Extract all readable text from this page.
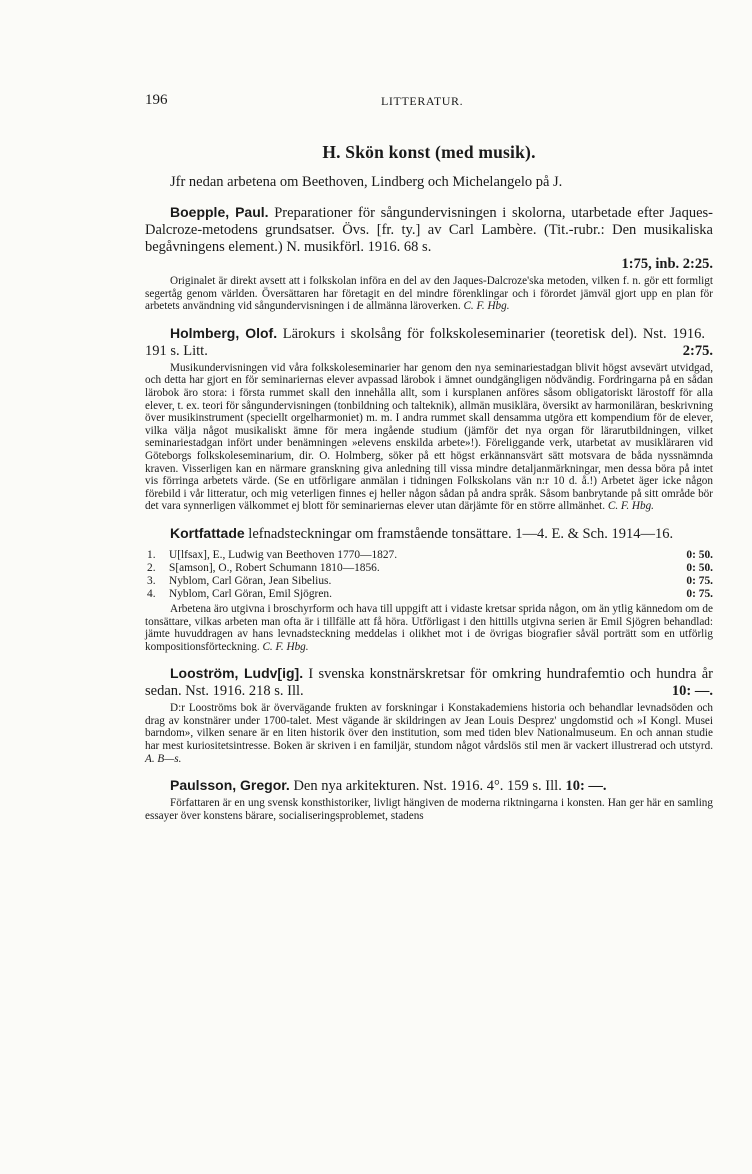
196	LITTERATUR.
H. Skön konst (med musik).

Jfr nedan arbetena om Beethoven, Lindberg och Michelangelo på J.

Boepple, Paul. Preparationer för sångundervisningen i skolorna, utarbetade efter Jaques-Dalcroze-metodens grundsatser. Övs. [fr. ty.] av Carl Lambère. (Tit.-rubr.: Den musikaliska begåvningens element.) N. musikförl. 1916. 68 s.

1:75, inb. 2:25.

Originalet är direkt avsett att i folkskolan införa en del av den Jaques-Dalcroze'ska metoden, vilken f. n. gör ett formligt segertåg genom världen. Översättaren har företagit en del mindre förenklingar och i förordet jämväl gjort upp en plan för arbetets användning vid sångundervisningen i de allmänna läroverken. C. F. Hbg.

Holmberg, Olof. Lärokurs i skolsång för folkskoleseminarier (teoretisk del). Nst. 1916. 191 s. Litt.	2:75.

Musikundervisningen vid våra folkskoleseminarier har genom den nya seminariestadgan blivit högst avsevärt utvidgad, och detta har gjort en för seminariernas elever avpassad lärobok i ämnet oundgängligen nödvändig. Fordringarna på en sådan lärobok äro stora: i första rummet skall den innehålla allt, som i kursplanen anföres såsom obligatoriskt lärostoff för alla elever, t. ex. teori för sångundervisningen (tonbildning och talteknik), allmän musiklära, översikt av harmoniläran, beskrivning över musikinstrument (speciellt orgelharmoniet) m. m. I andra rummet skall densamma utgöra ett kompendium för de elever, vilka välja något musikaliskt ämne för mera ingående studium (jämför det nya organ för lärarutbildningen, vilket seminariestadgan infört under benämningen »elevens enskilda arbete»!). Föreliggande verk, utarbetat av musikläraren vid Göteborgs folkskoleseminarium, dir. O. Holmberg, söker på ett högst erkännansvärt sätt motsvara de båda nyssnämnda kraven. Visserligen kan en närmare granskning giva anledning till vissa mindre detaljanmärkningar, men dessa böra på intet vis förringa arbetets värde. (Se en utförligare anmälan i tidningen Folkskolans vän n:r 10 d. å.!) Arbetet äger icke någon förebild i vår litteratur, och mig veterligen finnes ej heller någon sådan på andra språk. Såsom banbrytande på sitt område bör det vara synnerligen välkommet ej blott för seminariernas elever utan därjämte för en större allmänhet. C. F. Hbg.

Kortfattade lefnadsteckningar om framstående tonsättare. 1—4. E. & Sch. 1914—16.

1. U[lfsax], E., Ludwig van Beethoven 1770—1827.	0: 50.
2. S[amson], O., Robert Schumann 1810—1856.	0: 50.
3. Nyblom, Carl Göran, Jean Sibelius.	0: 75.
4. Nyblom, Carl Göran, Emil Sjögren.	0: 75.

Arbetena äro utgivna i broschyrform och hava till uppgift att i vidaste kretsar sprida någon, om än ytlig kännedom om de tonsättare, vilkas arbeten man ofta är i tillfälle att få höra. Utförligast i den hittills utgivna serien är Emil Sjögren behandlad: jämte huvuddragen av hans levnadsteckning meddelas i olikhet mot i de övrigas biografier såväl porträtt som en utförlig kompositionsförteckning. C. F. Hbg.

Looström, Ludv[ig]. I svenska konstnärskretsar för omkring hundrafemtio och hundra år sedan. Nst. 1916. 218 s. Ill.	10: —.

D:r Looströms bok är övervägande frukten av forskningar i Konstakademiens historia och behandlar levnadsöden och drag av konstnärer under 1700-talet. Mest vägande är skildringen av Jean Louis Desprez' ungdomstid och »I Kongl. Musei barndom», vilken senare är en liten historik över den institution, som med tiden blev Nationalmuseum. En och annan studie har mest kuriositetsintresse. Boken är skriven i en familjär, stundom något vårdslös stil men är vackert illustrerad och utstyrd. A. B—s.

Paulsson, Gregor. Den nya arkitekturen. Nst. 1916. 4°. 159 s. Ill. 10: —.

Författaren är en ung svensk konsthistoriker, livligt hängiven de moderna riktningarna i konsten. Han ger här en samling essayer över konstens bärare, socialiseringsproblemet, stadens
